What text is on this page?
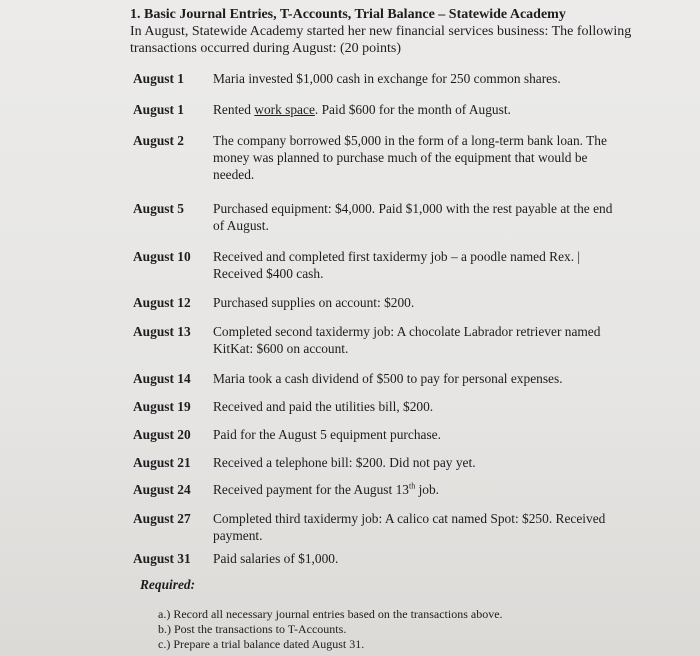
1. Basic Journal Entries, T-Accounts, Trial Balance – Statewide Academy
In August, Statewide Academy started her new financial services business: The following transactions occurred during August: (20 points)
August 1	Maria invested $1,000 cash in exchange for 250 common shares.
August 1	Rented work space. Paid $600 for the month of August.
August 2	The company borrowed $5,000 in the form of a long-term bank loan. The money was planned to purchase much of the equipment that would be needed.
August 5	Purchased equipment: $4,000. Paid $1,000 with the rest payable at the end of August.
August 10	Received and completed first taxidermy job – a poodle named Rex. | Received $400 cash.
August 12	Purchased supplies on account: $200.
August 13	Completed second taxidermy job: A chocolate Labrador retriever named KitKat: $600 on account.
August 14	Maria took a cash dividend of $500 to pay for personal expenses.
August 19	Received and paid the utilities bill, $200.
August 20	Paid for the August 5 equipment purchase.
August 21	Received a telephone bill: $200. Did not pay yet.
August 24	Received payment for the August 13th job.
August 27	Completed third taxidermy job: A calico cat named Spot: $250. Received payment.
August 31	Paid salaries of $1,000.
Required:
a.) Record all necessary journal entries based on the transactions above.
b.) Post the transactions to T-Accounts.
c.) Prepare a trial balance dated August 31.
